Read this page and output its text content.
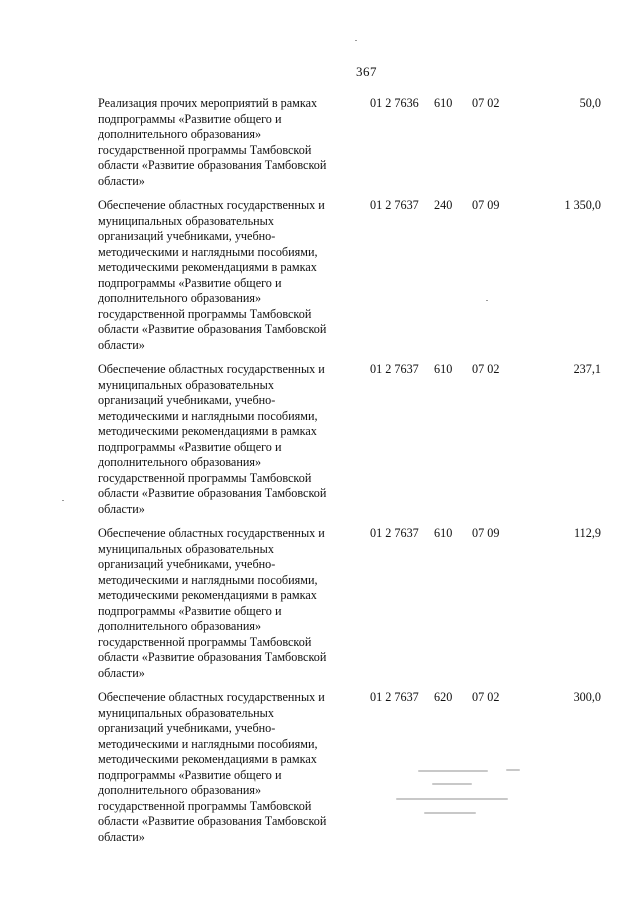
367
Реализация прочих мероприятий в рамках
подпрограммы «Развитие общего и
дополнительного образования»
государственной программы Тамбовской
области «Развитие образования Тамбовской
области»
01 2 7636 610 07 02	50,0
Обеспечение областных государственных и
муниципальных образовательных
организаций учебниками, учебно-
методическими и наглядными пособиями,
методическими рекомендациями в рамках
подпрограммы «Развитие общего и
дополнительного образования»
государственной программы Тамбовской
области «Развитие образования Тамбовской
области»
01 2 7637 240 07 09	1 350,0
Обеспечение областных государственных и
муниципальных образовательных
организаций учебниками, учебно-
методическими и наглядными пособиями,
методическими рекомендациями в рамках
подпрограммы «Развитие общего и
дополнительного образования»
государственной программы Тамбовской
области «Развитие образования Тамбовской
области»
01 2 7637 610 07 02	237,1
Обеспечение областных государственных и
муниципальных образовательных
организаций учебниками, учебно-
методическими и наглядными пособиями,
методическими рекомендациями в рамках
подпрограммы «Развитие общего и
дополнительного образования»
государственной программы Тамбовской
области «Развитие образования Тамбовской
области»
01 2 7637 610 07 09	112,9
Обеспечение областных государственных и
муниципальных образовательных
организаций учебниками, учебно-
методическими и наглядными пособиями,
методическими рекомендациями в рамках
подпрограммы «Развитие общего и
дополнительного образования»
государственной программы Тамбовской
области «Развитие образования Тамбовской
области»
01 2 7637 620 07 02	300,0
